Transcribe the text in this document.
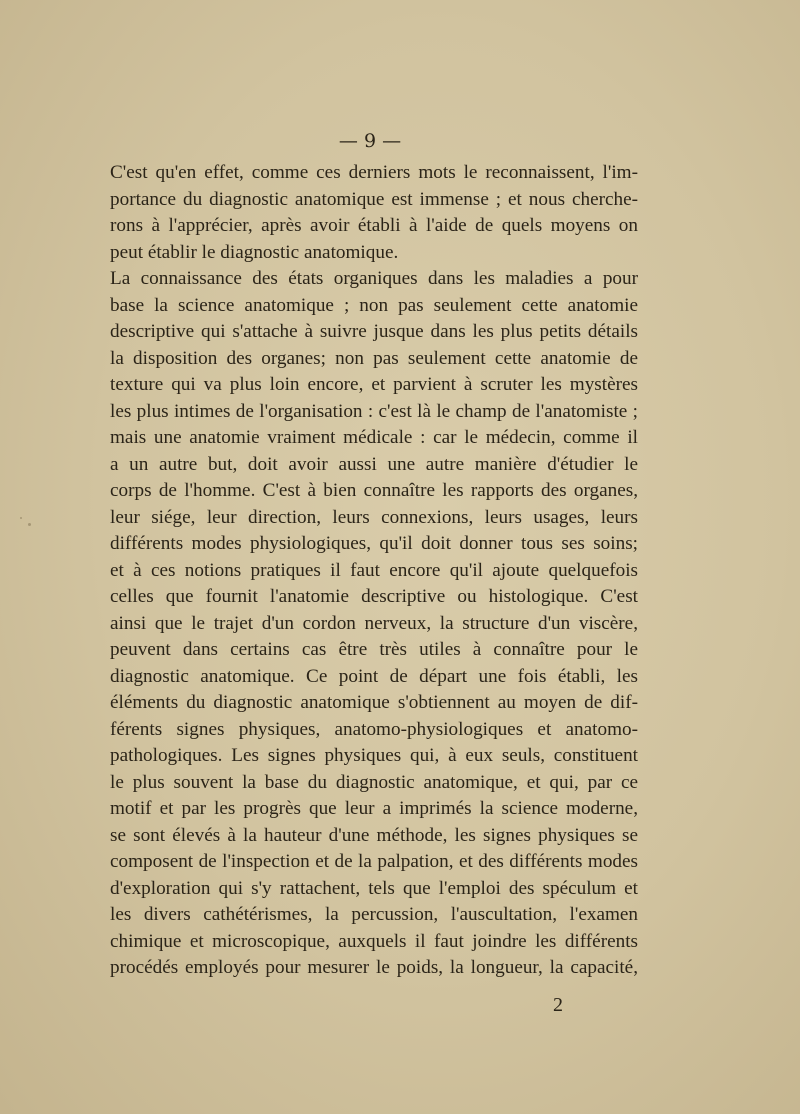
— 9 —
C'est qu'en effet, comme ces derniers mots le reconnaissent, l'im-
portance du diagnostic anatomique est immense ; et nous cherche-
rons à l'apprécier, après avoir établi à l'aide de quels moyens on
peut établir le diagnostic anatomique.
La connaissance des états organiques dans les maladies a pour
base la science anatomique ; non pas seulement cette anatomie
descriptive qui s'attache à suivre jusque dans les plus petits détails
la disposition des organes; non pas seulement cette anatomie de
texture qui va plus loin encore, et parvient à scruter les mystères
les plus intimes de l'organisation : c'est là le champ de l'anatomiste ;
mais une anatomie vraiment médicale : car le médecin, comme il
a un autre but, doit avoir aussi une autre manière d'étudier le
corps de l'homme. C'est à bien connaître les rapports des organes,
leur siége, leur direction, leurs connexions, leurs usages, leurs
différents modes physiologiques, qu'il doit donner tous ses soins;
et à ces notions pratiques il faut encore qu'il ajoute quelquefois
celles que fournit l'anatomie descriptive ou histologique. C'est
ainsi que le trajet d'un cordon nerveux, la structure d'un viscère,
peuvent dans certains cas être très utiles à connaître pour le
diagnostic anatomique. Ce point de départ une fois établi, les
éléments du diagnostic anatomique s'obtiennent au moyen de dif-
férents signes physiques, anatomo-physiologiques et anatomo-
pathologiques. Les signes physiques qui, à eux seuls, constituent
le plus souvent la base du diagnostic anatomique, et qui, par ce
motif et par les progrès que leur a imprimés la science moderne,
se sont élevés à la hauteur d'une méthode, les signes physiques se
composent de l'inspection et de la palpation, et des différents modes
d'exploration qui s'y rattachent, tels que l'emploi des spéculum et
les divers cathétérismes, la percussion, l'auscultation, l'examen
chimique et microscopique, auxquels il faut joindre les différents
procédés employés pour mesurer le poids, la longueur, la capacité,
2
